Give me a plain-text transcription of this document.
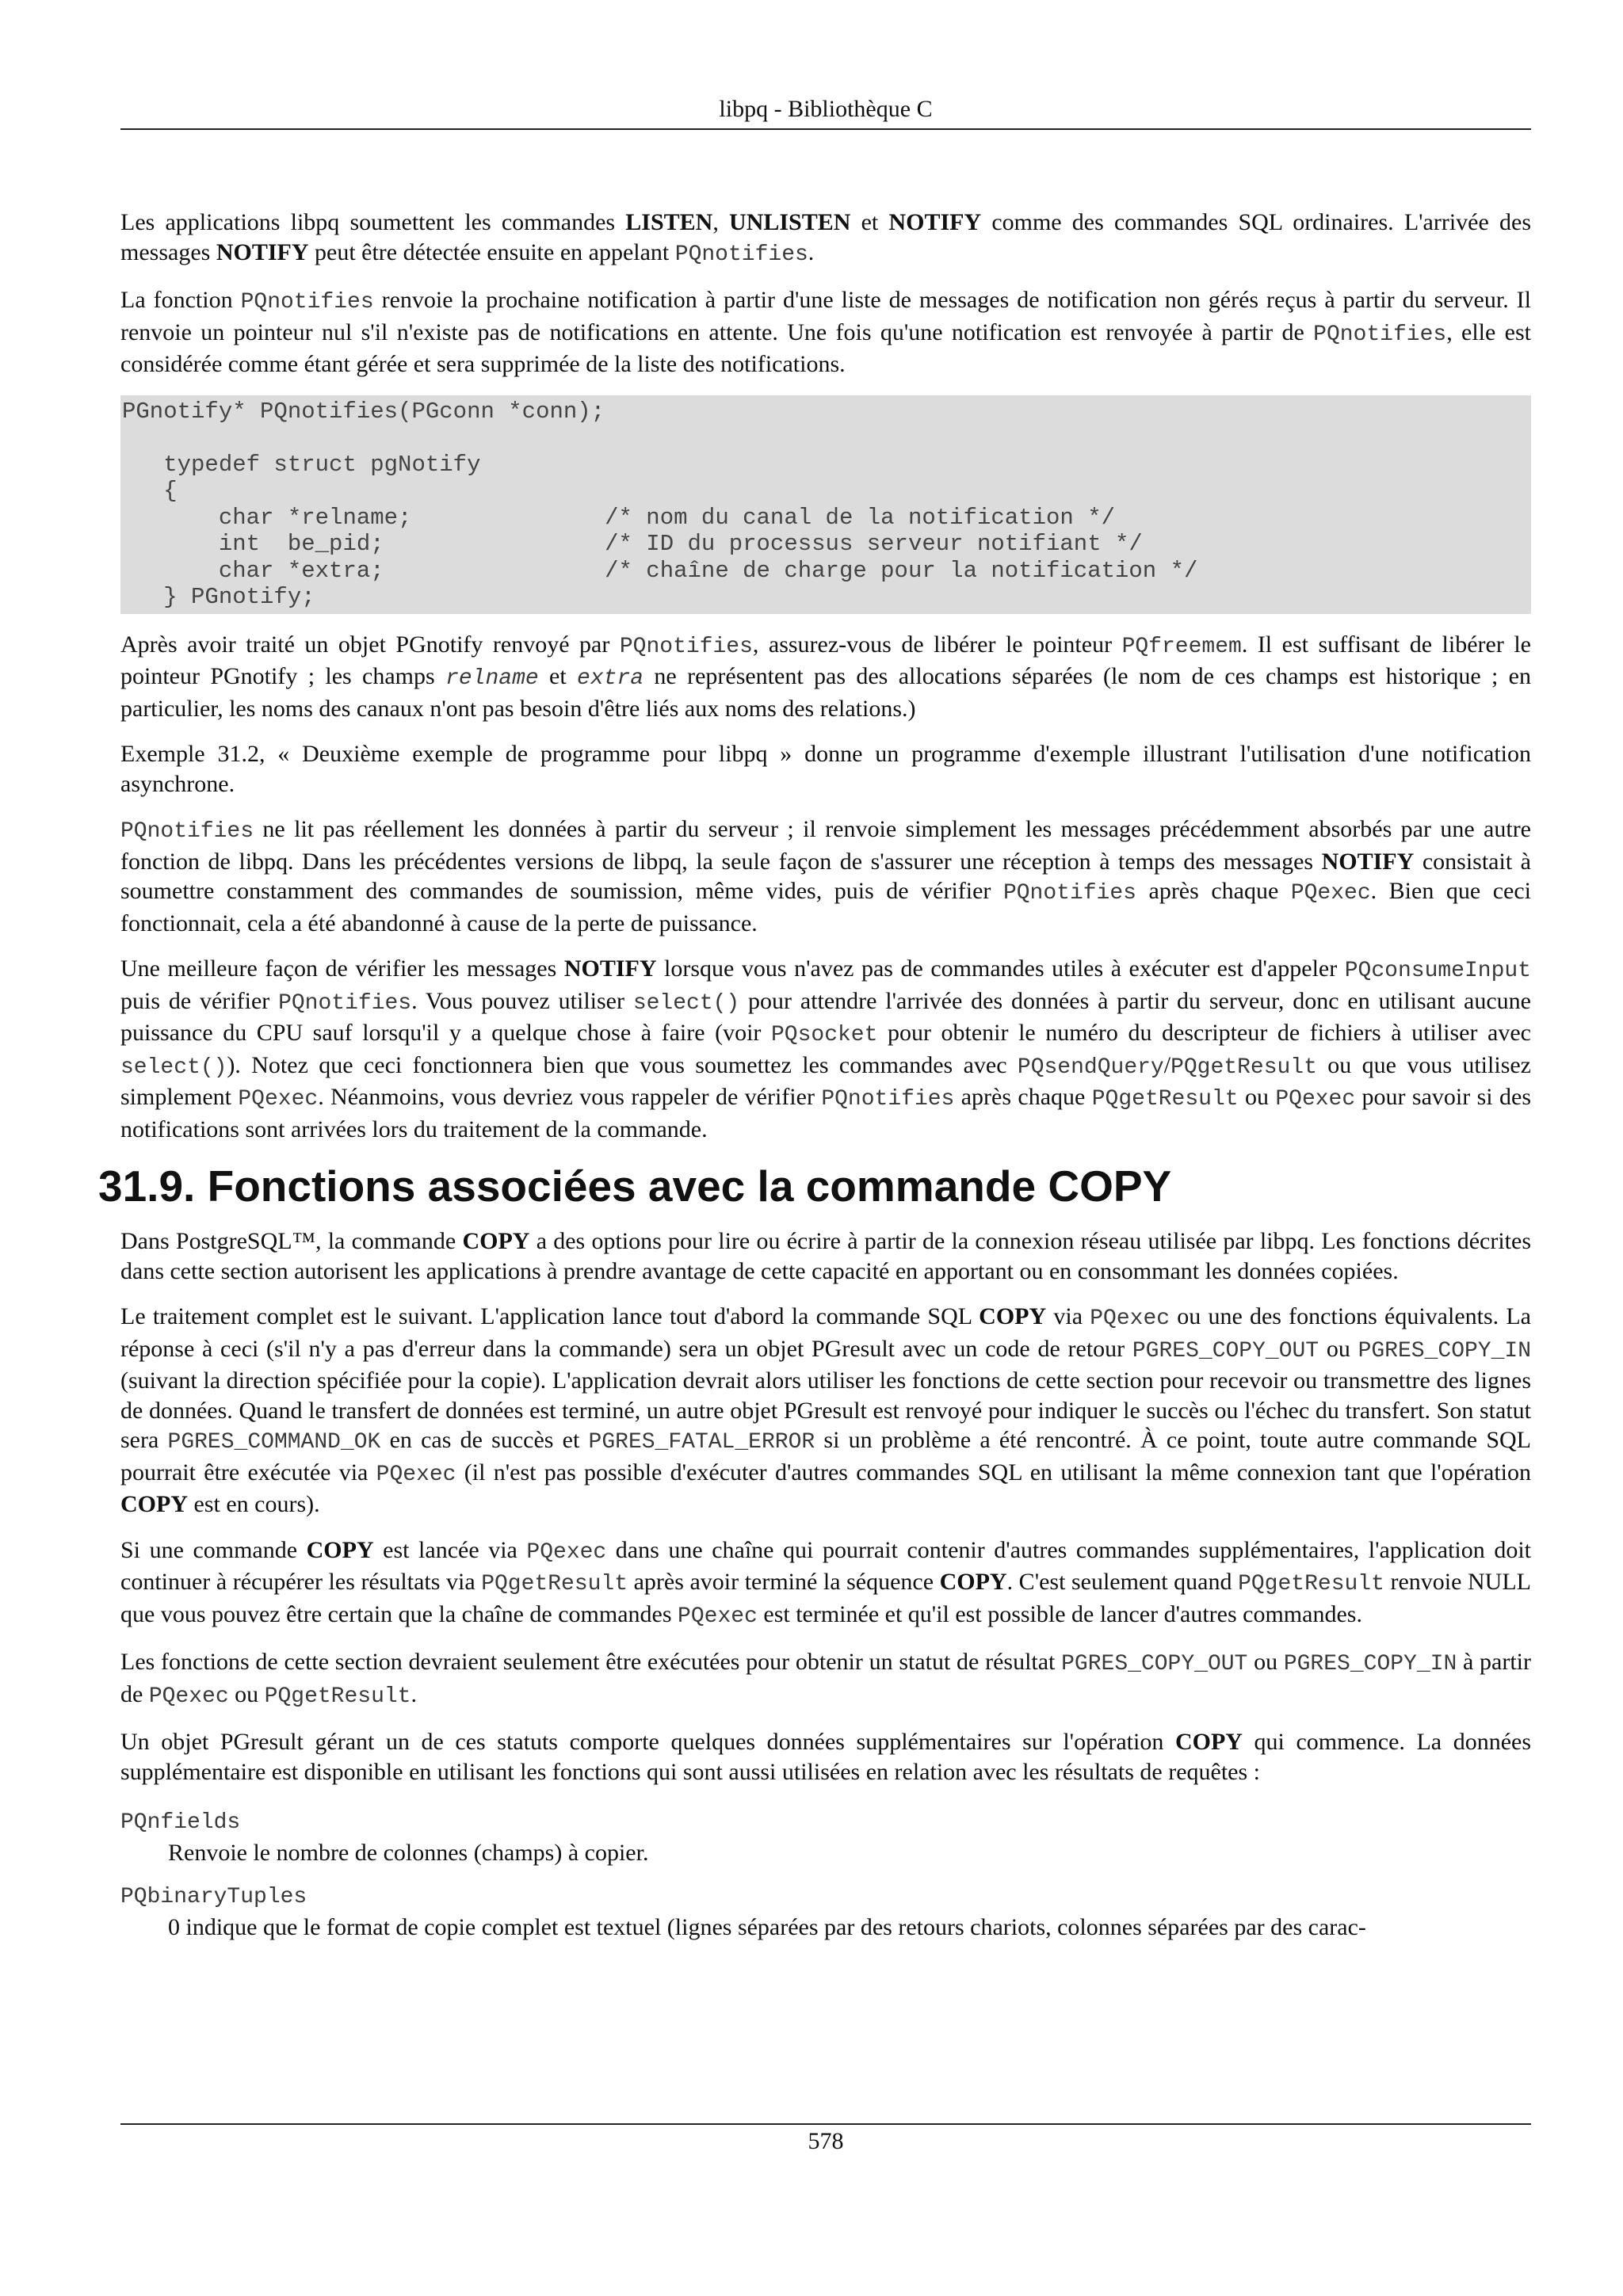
libpq - Bibliothèque C

Les applications libpq soumettent les commandes LISTEN, UNLISTEN et NOTIFY comme des commandes SQL ordinaires. L'arrivée des messages NOTIFY peut être détectée ensuite en appelant PQnotifies.

La fonction PQnotifies renvoie la prochaine notification à partir d'une liste de messages de notification non gérés reçus à partir du serveur. Il renvoie un pointeur nul s'il n'existe pas de notifications en attente. Une fois qu'une notification est renvoyée à partir de PQnotifies, elle est considérée comme étant gérée et sera supprimée de la liste des notifications.

PGnotify* PQnotifies(PGconn *conn);

typedef struct pgNotify
{
char *relname;              /* nom du canal de la notification */
int  be_pid;                /* ID du processus serveur notifiant */
char *extra;                /* chaîne de charge pour la notification */
} PGnotify;

Après avoir traité un objet PGnotify renvoyé par PQnotifies, assurez-vous de libérer le pointeur PQfreemem. Il est suffisant de libérer le pointeur PGnotify ; les champs relname et extra ne représentent pas des allocations séparées (le nom de ces champs est historique ; en particulier, les noms des canaux n'ont pas besoin d'être liés aux noms des relations.)

Exemple 31.2, « Deuxième exemple de programme pour libpq » donne un programme d'exemple illustrant l'utilisation d'une notification asynchrone.

PQnotifies ne lit pas réellement les données à partir du serveur ; il renvoie simplement les messages précédemment absorbés par une autre fonction de libpq. Dans les précédentes versions de libpq, la seule façon de s'assurer une réception à temps des messages NOTIFY consistait à soumettre constamment des commandes de soumission, même vides, puis de vérifier PQnotifies après chaque PQexec. Bien que ceci fonctionnait, cela a été abandonné à cause de la perte de puissance.

Une meilleure façon de vérifier les messages NOTIFY lorsque vous n'avez pas de commandes utiles à exécuter est d'appeler PQconsumeInput puis de vérifier PQnotifies. Vous pouvez utiliser select() pour attendre l'arrivée des données à partir du serveur, donc en utilisant aucune puissance du CPU sauf lorsqu'il y a quelque chose à faire (voir PQsocket pour obtenir le numéro du descripteur de fichiers à utiliser avec select()). Notez que ceci fonctionnera bien que vous soumettez les commandes avec PQsendQuery/PQgetResult ou que vous utilisez simplement PQexec. Néanmoins, vous devriez vous rappeler de vérifier PQnotifies après chaque PQgetResult ou PQexec pour savoir si des notifications sont arrivées lors du traitement de la commande.

31.9. Fonctions associées avec la commande COPY

Dans PostgreSQL™, la commande COPY a des options pour lire ou écrire à partir de la connexion réseau utilisée par libpq. Les fonctions décrites dans cette section autorisent les applications à prendre avantage de cette capacité en apportant ou en consommant les données copiées.

Le traitement complet est le suivant. L'application lance tout d'abord la commande SQL COPY via PQexec ou une des fonctions équivalents. La réponse à ceci (s'il n'y a pas d'erreur dans la commande) sera un objet PGresult avec un code de retour PGRES_COPY_OUT ou PGRES_COPY_IN (suivant la direction spécifiée pour la copie). L'application devrait alors utiliser les fonctions de cette section pour recevoir ou transmettre des lignes de données. Quand le transfert de données est terminé, un autre objet PGresult est renvoyé pour indiquer le succès ou l'échec du transfert. Son statut sera PGRES_COMMAND_OK en cas de succès et PGRES_FATAL_ERROR si un problème a été rencontré. À ce point, toute autre commande SQL pourrait être exécutée via PQexec (il n'est pas possible d'exécuter d'autres commandes SQL en utilisant la même connexion tant que l'opération COPY est en cours).

Si une commande COPY est lancée via PQexec dans une chaîne qui pourrait contenir d'autres commandes supplémentaires, l'application doit continuer à récupérer les résultats via PQgetResult après avoir terminé la séquence COPY. C'est seulement quand PQgetResult renvoie NULL que vous pouvez être certain que la chaîne de commandes PQexec est terminée et qu'il est possible de lancer d'autres commandes.

Les fonctions de cette section devraient seulement être exécutées pour obtenir un statut de résultat PGRES_COPY_OUT ou PGRES_COPY_IN à partir de PQexec ou PQgetResult.

Un objet PGresult gérant un de ces statuts comporte quelques données supplémentaires sur l'opération COPY qui commence. La données supplémentaire est disponible en utilisant les fonctions qui sont aussi utilisées en relation avec les résultats de requêtes :

PQnfields
Renvoie le nombre de colonnes (champs) à copier.
PQbinaryTuples
0 indique que le format de copie complet est textuel (lignes séparées par des retours chariots, colonnes séparées par des carac-
578
